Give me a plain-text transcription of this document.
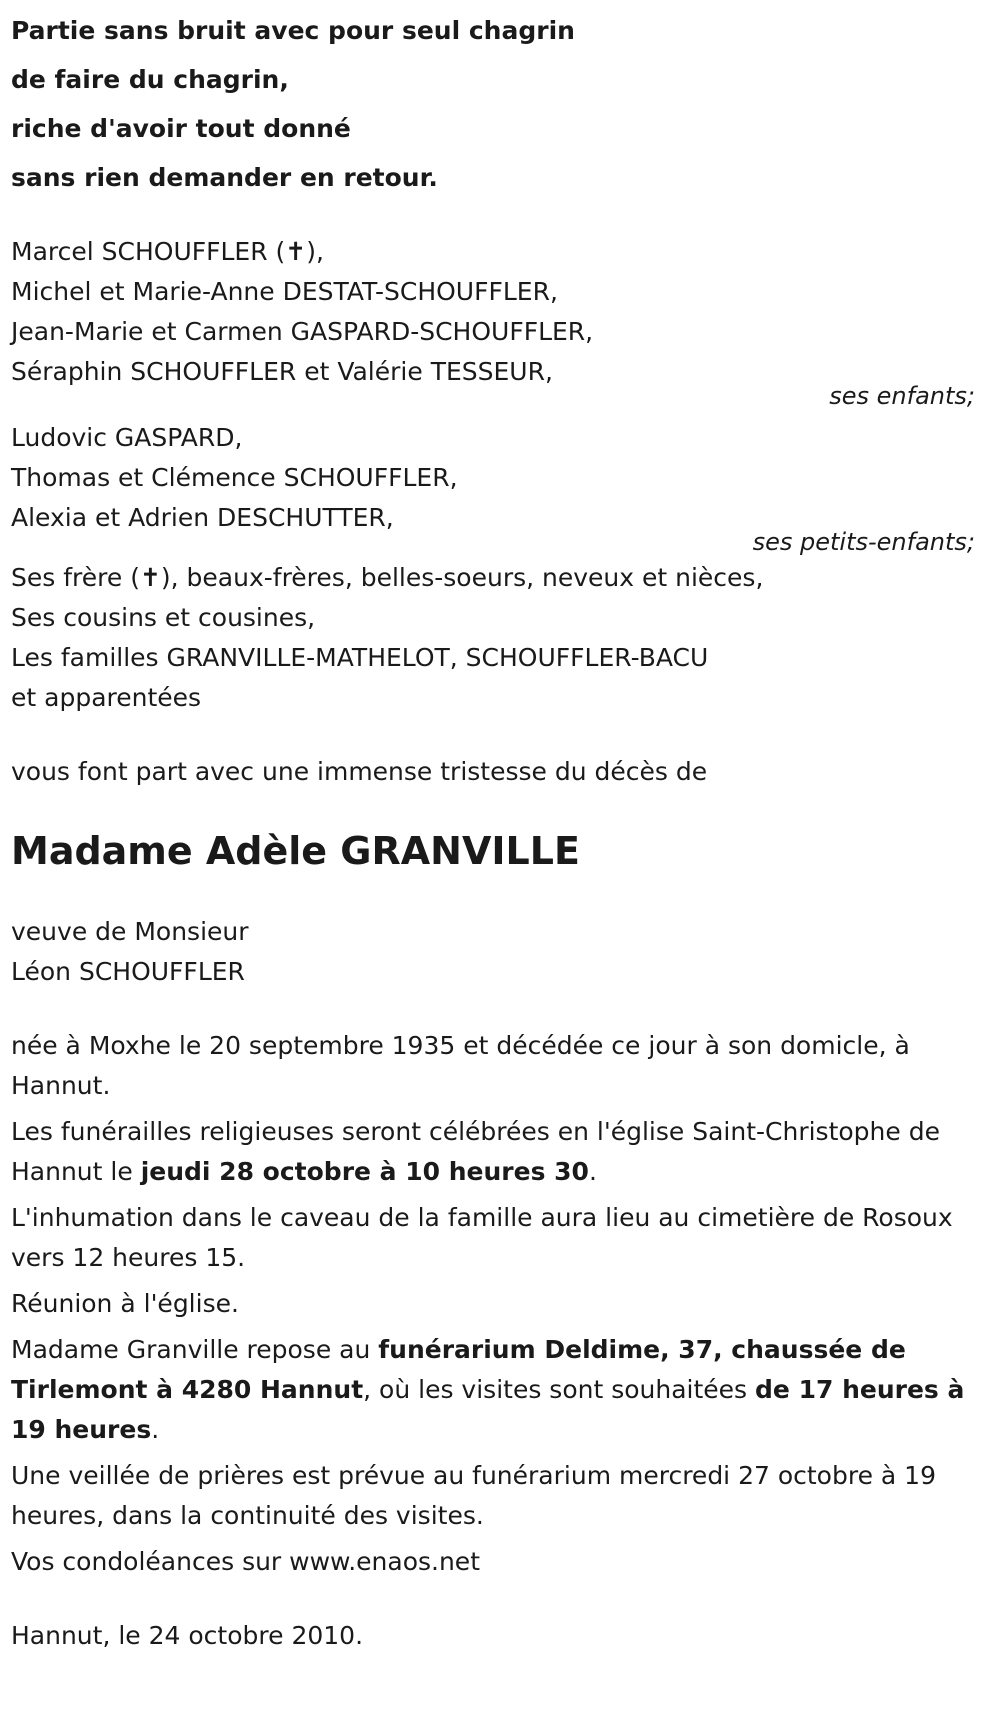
Partie sans bruit avec pour seul chagrin
de faire du chagrin,
riche d'avoir tout donné
sans rien demander en retour.
Marcel SCHOUFFLER (✝),
Michel et Marie-Anne DESTAT-SCHOUFFLER,
Jean-Marie et Carmen GASPARD-SCHOUFFLER,
Séraphin SCHOUFFLER et Valérie TESSEUR,
ses enfants;
Ludovic GASPARD,
Thomas et Clémence SCHOUFFLER,
Alexia et Adrien DESCHUTTER,
ses petits-enfants;
Ses frère (✝), beaux-frères, belles-soeurs, neveux et nièces,
Ses cousins et cousines,
Les familles GRANVILLE-MATHELOT, SCHOUFFLER-BACU
et apparentées
vous font part avec une immense tristesse du décès de
Madame Adèle GRANVILLE
veuve de Monsieur
Léon SCHOUFFLER
née à Moxhe le 20 septembre 1935 et décédée ce jour à son domicle, à Hannut.
Les funérailles religieuses seront célébrées en l'église Saint-Christophe de Hannut le jeudi 28 octobre à 10 heures 30.
L'inhumation dans le caveau de la famille aura lieu au cimetière de Rosoux vers 12 heures 15.
Réunion à l'église.
Madame Granville repose au funérarium Deldime, 37, chaussée de Tirlemont à 4280 Hannut, où les visites sont souhaitées de 17 heures à 19 heures.
Une veillée de prières est prévue au funérarium mercredi 27 octobre à 19 heures, dans la continuité des visites.
Vos condoléances sur www.enaos.net
Hannut, le 24 octobre 2010.
